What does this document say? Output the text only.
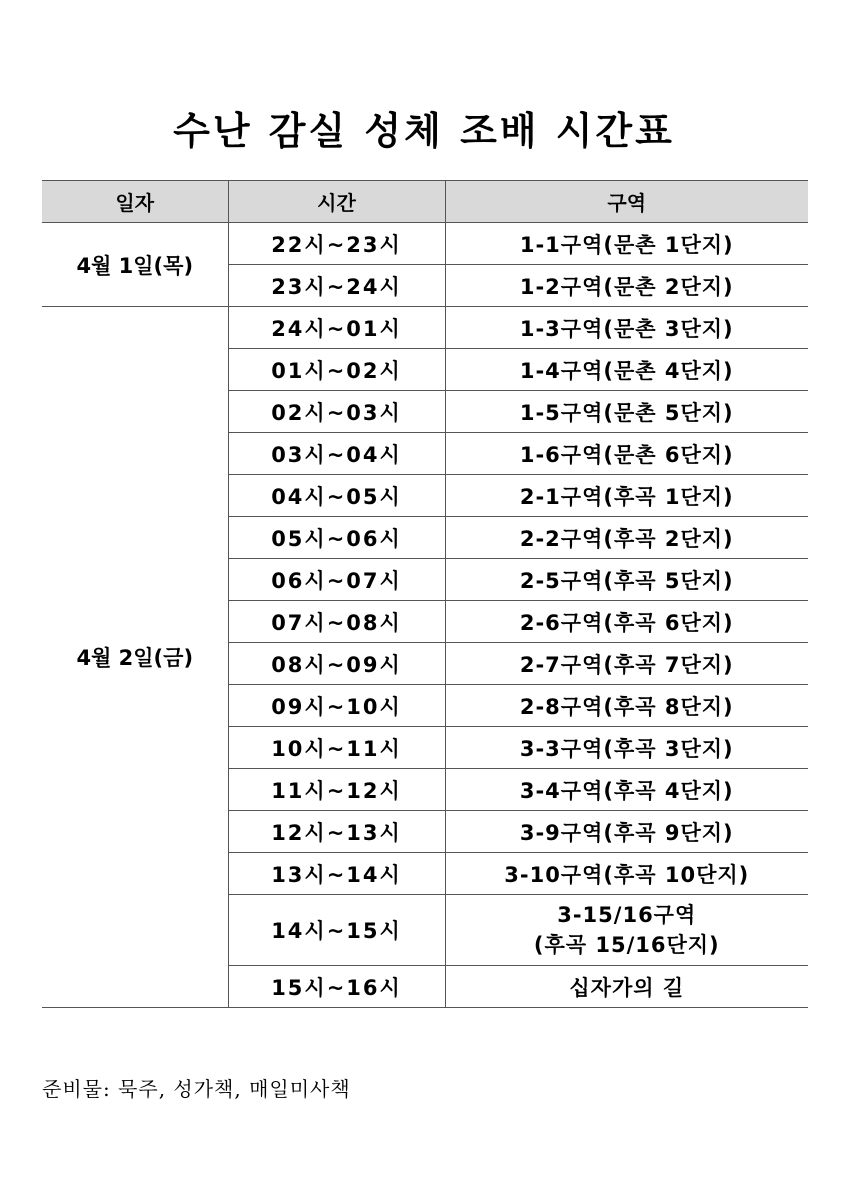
수난 감실 성체 조배 시간표
일자	시간	구역
4월 1일(목)	22시~23시	1-1구역(문촌 1단지)
	23시~24시	1-2구역(문촌 2단지)
4월 2일(금)	24시~01시	1-3구역(문촌 3단지)
	01시~02시	1-4구역(문촌 4단지)
	02시~03시	1-5구역(문촌 5단지)
	03시~04시	1-6구역(문촌 6단지)
	04시~05시	2-1구역(후곡 1단지)
	05시~06시	2-2구역(후곡 2단지)
	06시~07시	2-5구역(후곡 5단지)
	07시~08시	2-6구역(후곡 6단지)
	08시~09시	2-7구역(후곡 7단지)
	09시~10시	2-8구역(후곡 8단지)
	10시~11시	3-3구역(후곡 3단지)
	11시~12시	3-4구역(후곡 4단지)
	12시~13시	3-9구역(후곡 9단지)
	13시~14시	3-10구역(후곡 10단지)
	14시~15시	3-15/16구역
(후곡 15/16단지)

	15시~16시	십자가의 길
준비물: 묵주, 성가책, 매일미사책
